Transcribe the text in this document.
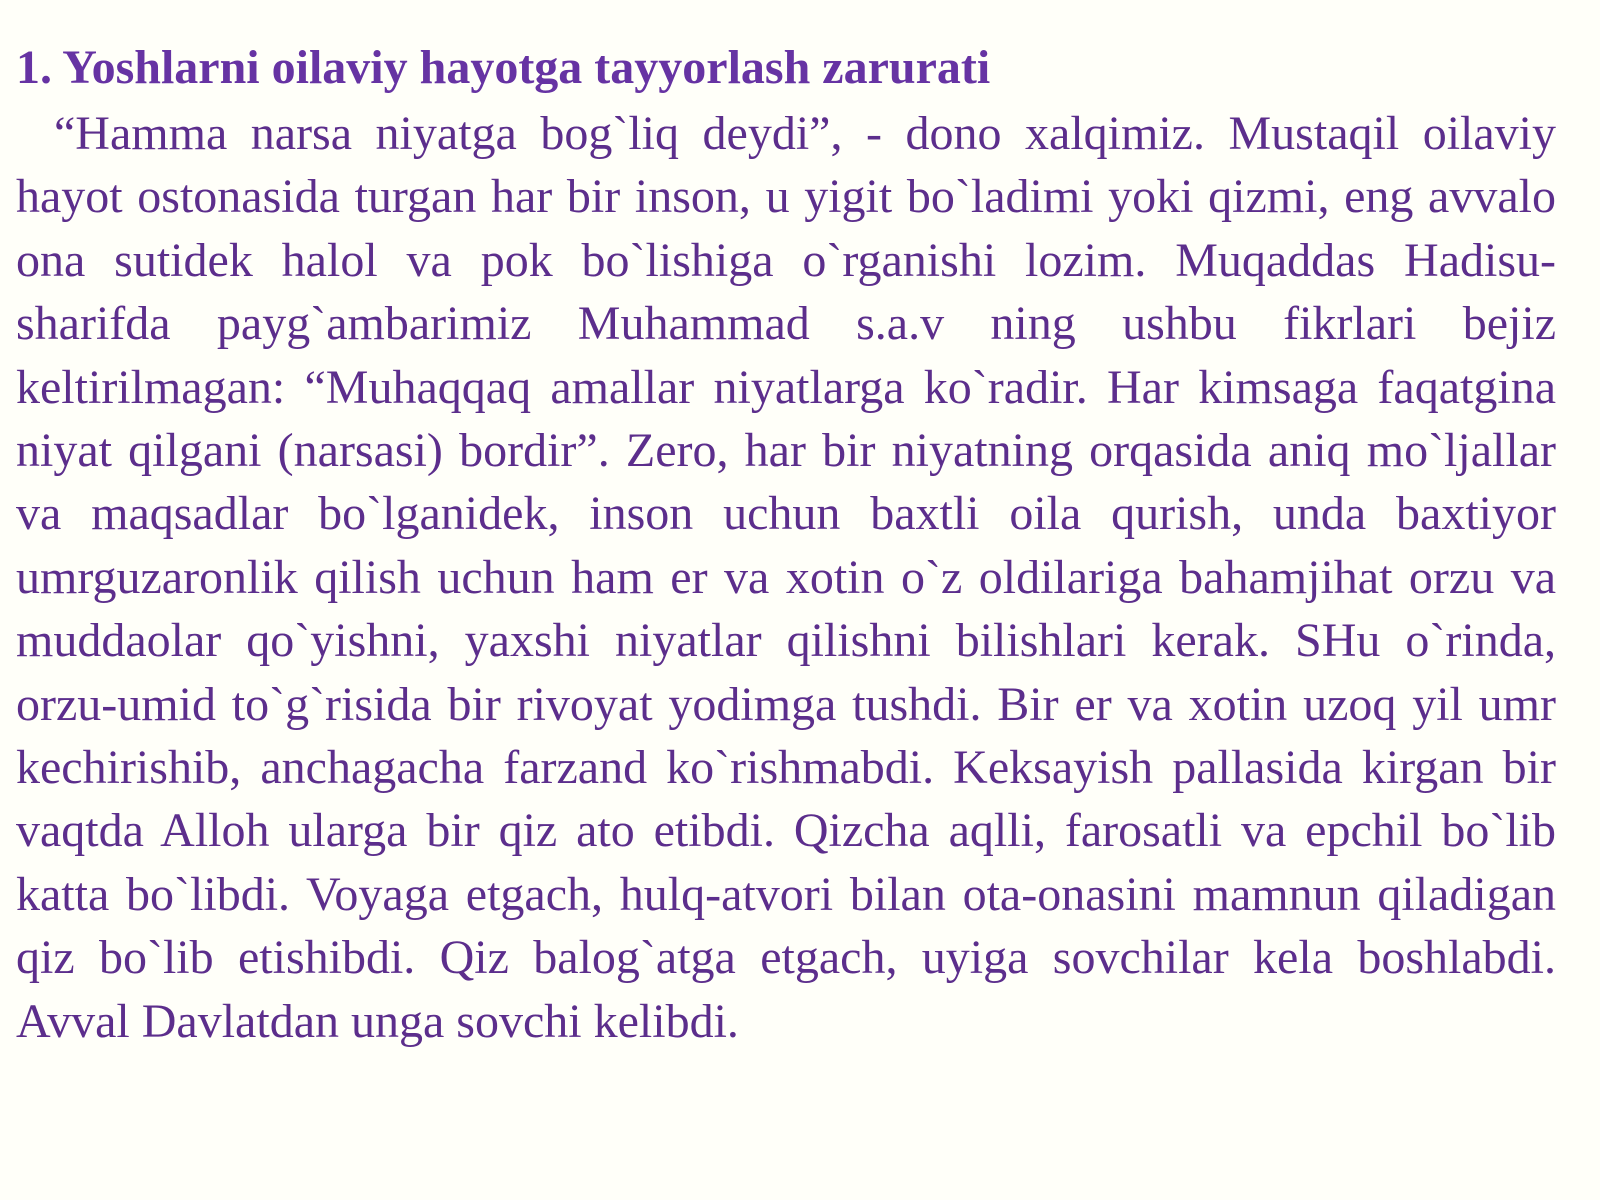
1. Yoshlarni oilaviy hayotga tayyorlash zarurati

“Hamma narsa niyatga bog`liq deydi”, - dono xalqimiz. Mustaqil oilaviy hayot ostonasida turgan har bir inson, u yigit bo`ladimi yoki qizmi, eng avvalo ona sutidek halol va pok bo`lishiga o`rganishi lozim. Muqaddas Hadisu-sharifda payg`ambarimiz Muhammad s.a.v ning ushbu fikrlari bejiz keltirilmagan: “Muhaqqaq amallar niyatlarga ko`radir. Har kimsaga faqatgina niyat qilgani (narsasi) bordir”. Zero, har bir niyatning orqasida aniq mo`ljallar va maqsadlar bo`lganidek, inson uchun baxtli oila qurish, unda baxtiyor umrguzaronlik qilish uchun ham er va xotin o`z oldilariga bahamjihat orzu va muddaolar qo`yishni, yaxshi niyatlar qilishni bilishlari kerak. SHu o`rinda, orzu-umid to`g`risida bir rivoyat yodimga tushdi. Bir er va xotin uzoq yil umr kechirishib, anchagacha farzand ko`rishmabdi. Keksayish pallasida kirgan bir vaqtda Alloh ularga bir qiz ato etibdi. Qizcha aqlli, farosatli va epchil bo`lib katta bo`libdi. Voyaga etgach, hulq-atvori bilan ota-onasini mamnun qiladigan qiz bo`lib etishibdi. Qiz balog`atga etgach, uyiga sovchilar kela boshlabdi. Avval Davlatdan unga sovchi kelibdi.
